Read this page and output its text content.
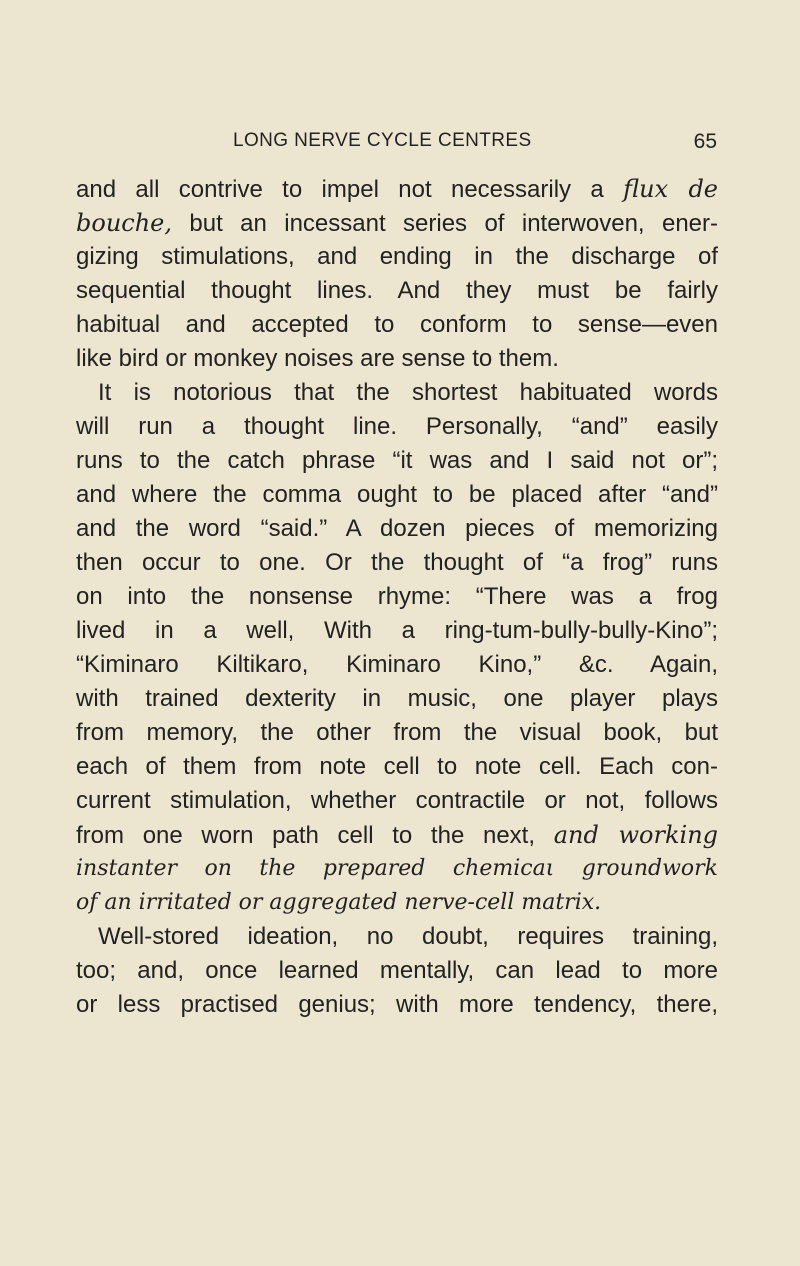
LONG NERVE CYCLE CENTRES	65
and all contrive to impel not necessarily a flux de
bouche, but an incessant series of interwoven, ener-
gizing stimulations, and ending in the discharge of
sequential thought lines. And they must be fairly
habitual and accepted to conform to sense—even
like bird or monkey noises are sense to them.
It is notorious that the shortest habituated words
will run a thought line. Personally, “and” easily
runs to the catch phrase “it was and I said not or”;
and where the comma ought to be placed after “and”
and the word “said.” A dozen pieces of memorizing
then occur to one. Or the thought of “a frog” runs
on into the nonsense rhyme: “There was a frog
lived in a well, With a ring-tum-bully-bully-Kino”;
“Kiminaro Kiltikaro, Kiminaro Kino,” &c. Again,
with trained dexterity in music, one player plays
from memory, the other from the visual book, but
each of them from note cell to note cell. Each con-
current stimulation, whether contractile or not, follows
from one worn path cell to the next, and working
instanter on the prepared chemicaι groundwork
of an irritated or aggregated nerve-cell matrix.
Well-stored ideation, no doubt, requires training,
too; and, once learned mentally, can lead to more
or less practised genius; with more tendency, there,
